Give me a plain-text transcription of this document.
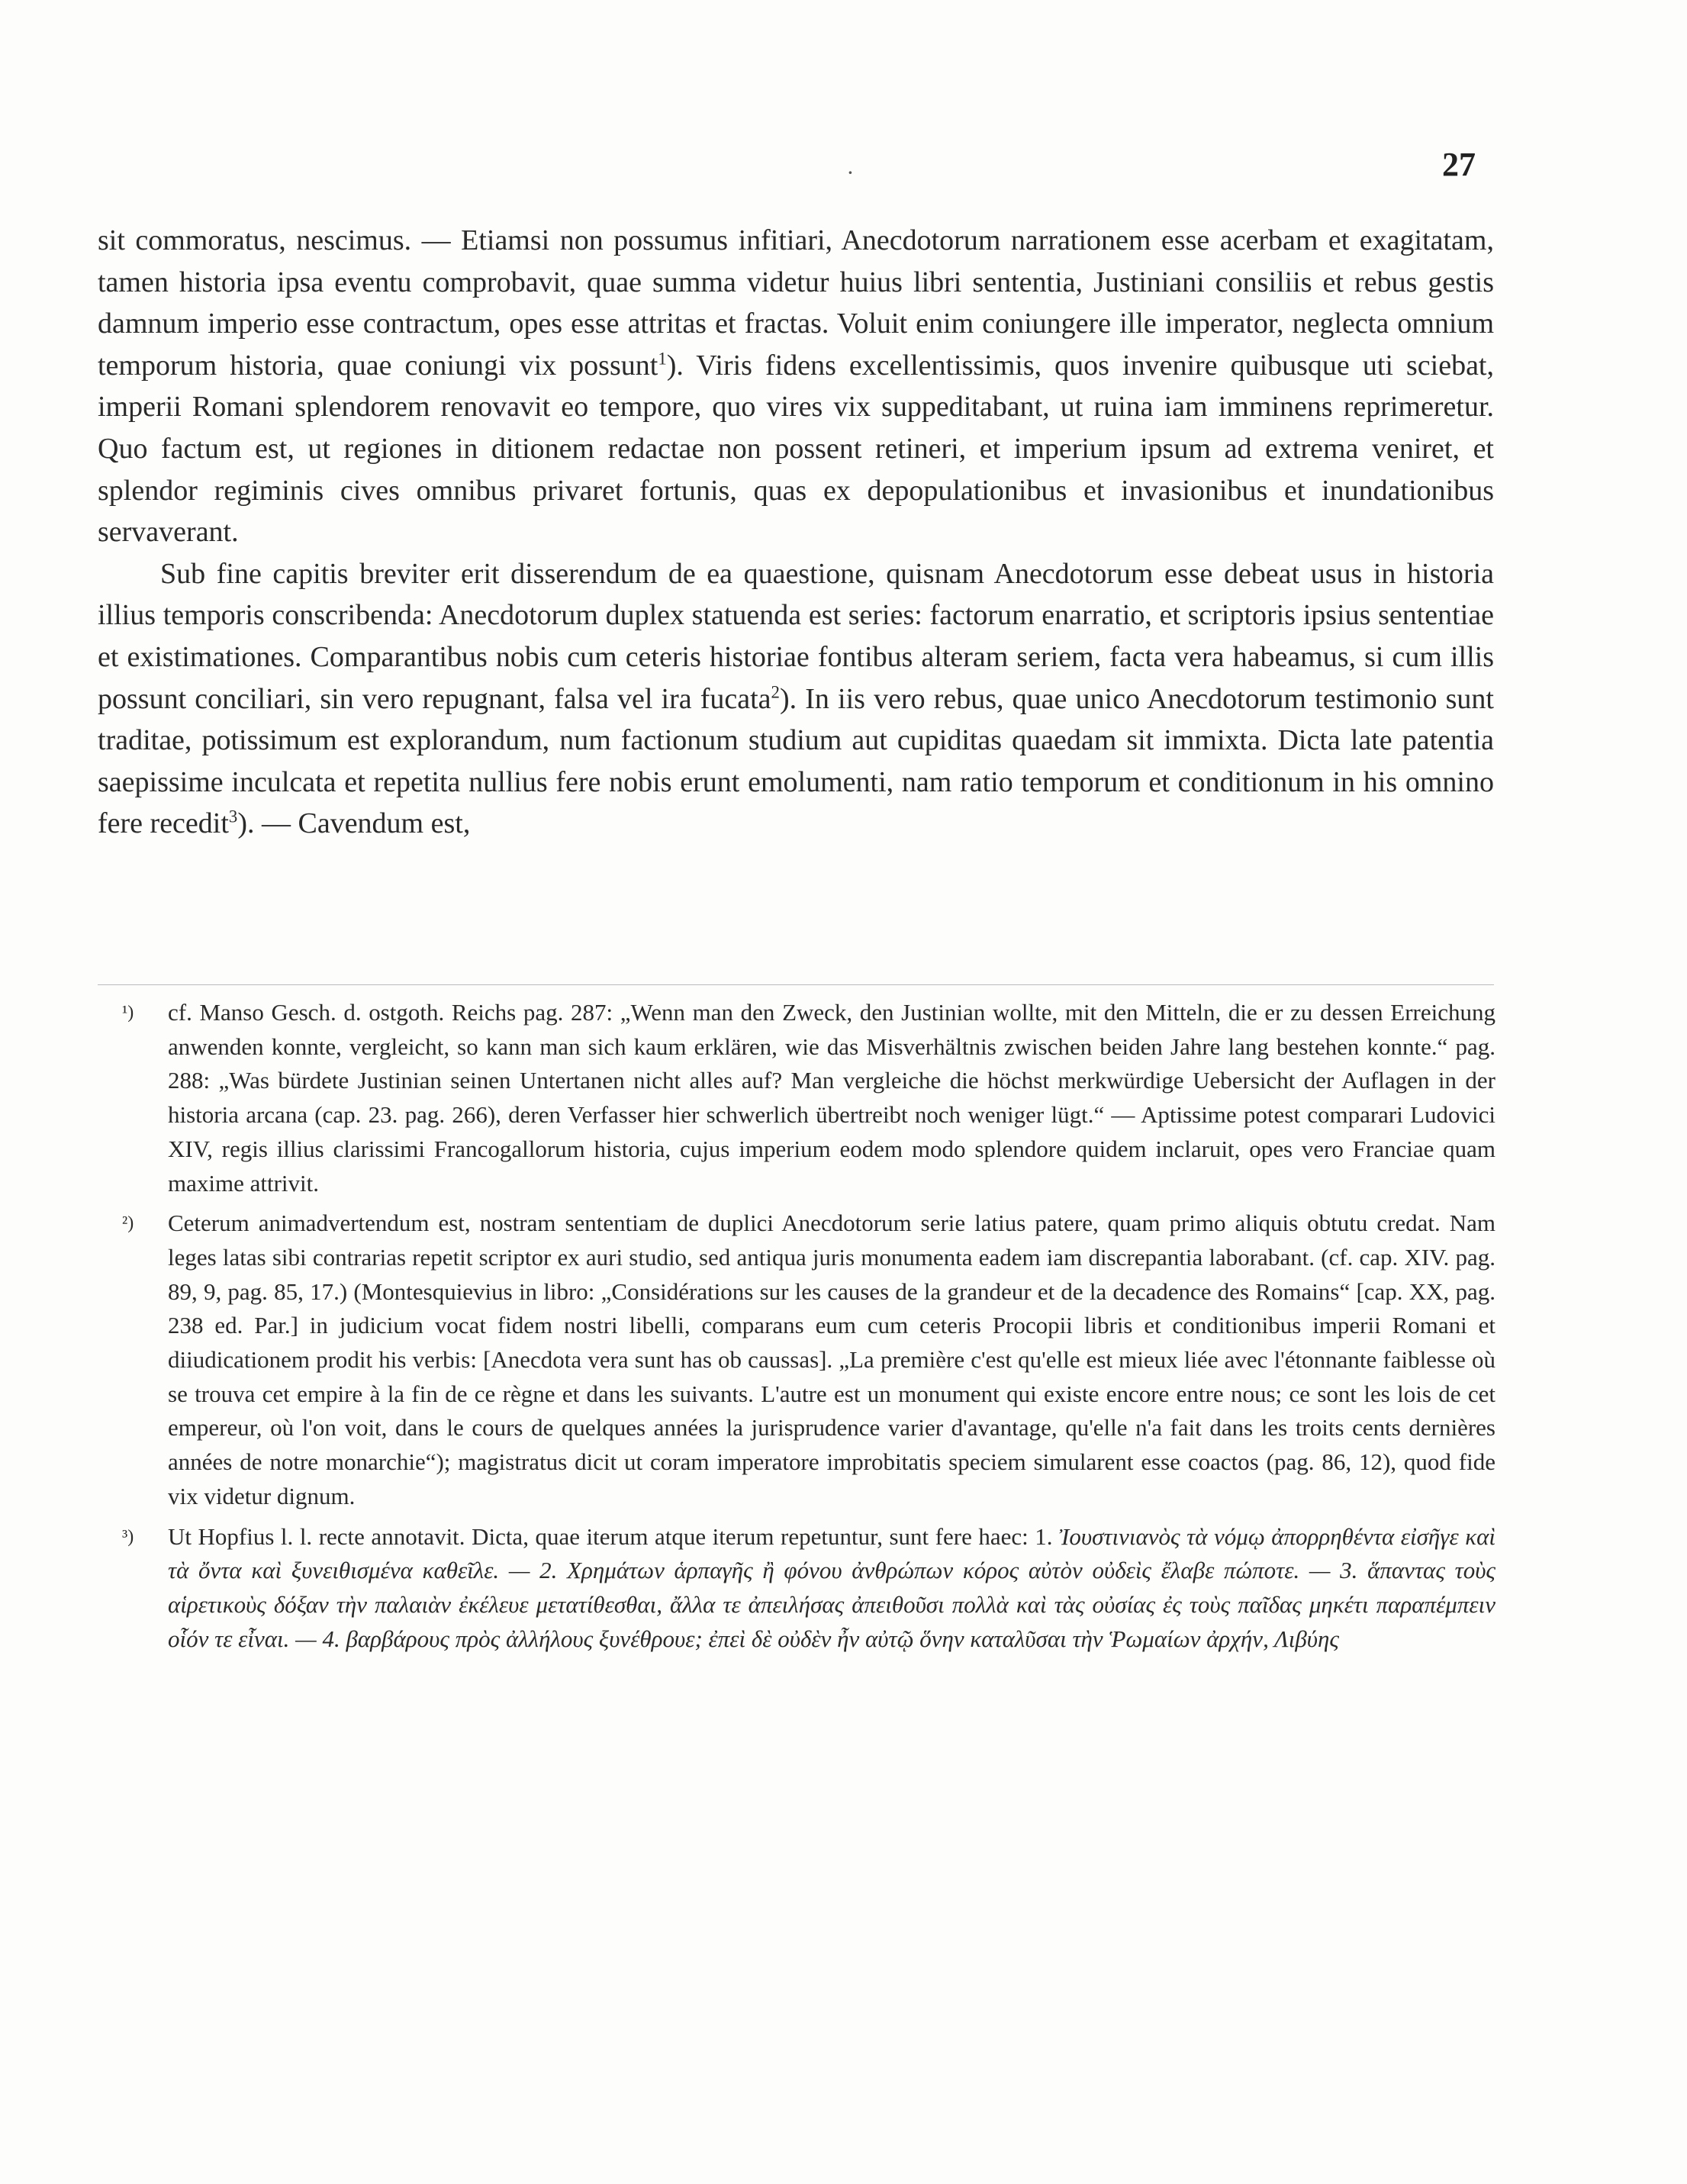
·	27

sit commoratus, nescimus. — Etiamsi non possumus infitiari, Anecdotorum narrationem esse acerbam et exagitatam, tamen historia ipsa eventu comprobavit, quae summa videtur huius libri sententia, Justiniani consiliis et rebus gestis damnum imperio esse contractum, opes esse attritas et fractas. Voluit enim coniungere ille imperator, neglecta omnium temporum historia, quae coniungi vix possunt$^1$). Viris fidens excellentissimis, quos invenire quibusque uti sciebat, imperii Romani splendorem renovavit eo tempore, quo vires vix suppeditabant, ut ruina iam imminens reprimeretur. Quo factum est, ut regiones in ditionem redactae non possent retineri, et imperium ipsum ad extrema veniret, et splendor regiminis cives omnibus privaret fortunis, quas ex depopulationibus et invasionibus et inundationibus servaverant.

Sub fine capitis breviter erit disserendum de ea quaestione, quisnam Anecdotorum esse debeat usus in historia illius temporis conscribenda: Anecdotorum duplex statuenda est series: factorum enarratio, et scriptoris ipsius sententiae et existimationes. Comparantibus nobis cum ceteris historiae fontibus alteram seriem, facta vera habeamus, si cum illis possunt conciliari, sin vero repugnant, falsa vel ira fucata$^2$). In iis vero rebus, quae unico Anecdotorum testimonio sunt traditae, potissimum est explorandum, num factionum studium aut cupiditas quaedam sit immixta. Dicta late patentia saepissime inculcata et repetita nullius fere nobis erunt emolumenti, nam ratio temporum et conditionum in his omnino fere recedit$^3$). — Cavendum est,

¹) cf. Manso Gesch. d. ostgoth. Reichs pag. 287: „Wenn man den Zweck, den Justinian wollte, mit den Mitteln, die er zu dessen Erreichung anwenden konnte, vergleicht, so kann man sich kaum erklären, wie das Misverhältnis zwischen beiden Jahre lang bestehen konnte.“ pag. 288: „Was bürdete Justinian seinen Untertanen nicht alles auf? Man vergleiche die höchst merkwürdige Uebersicht der Auflagen in der historia arcana (cap. 23. pag. 266), deren Verfasser hier schwerlich übertreibt noch weniger lügt.“ — Aptissime potest comparari Ludovici XIV, regis illius clarissimi Francogallorum historia, cujus imperium eodem modo splendore quidem inclaruit, opes vero Franciae quam maxime attrivit.
²) Ceterum animadvertendum est, nostram sententiam de duplici Anecdotorum serie latius patere, quam primo aliquis obtutu credat. Nam leges latas sibi contrarias repetit scriptor ex auri studio, sed antiqua juris monumenta eadem iam discrepantia laborabant. (cf. cap. XIV. pag. 89, 9, pag. 85, 17.) (Montesquievius in libro: „Considérations sur les causes de la grandeur et de la decadence des Romains“ [cap. XX, pag. 238 ed. Par.] in judicium vocat fidem nostri libelli, comparans eum cum ceteris Procopii libris et conditionibus imperii Romani et diiudicationem prodit his verbis: [Anecdota vera sunt has ob caussas]. „La première c'est qu'elle est mieux liée avec l'étonnante faiblesse où se trouva cet empire à la fin de ce règne et dans les suivants. L'autre est un monument qui existe encore entre nous; ce sont les lois de cet empereur, où l'on voit, dans le cours de quelques années la jurisprudence varier d'avantage, qu'elle n'a fait dans les troits cents dernières années de notre monarchie“); magistratus dicit ut coram imperatore improbitatis speciem simularent esse coactos (pag. 86, 12), quod fide vix videtur dignum.
³) Ut Hopfius l. l. recte annotavit. Dicta, quae iterum atque iterum repetuntur, sunt fere haec: 1. Ἰουστινιανὸς τὰ νόμῳ ἀπορρηθέντα εἰσῆγε καὶ τὰ ὄντα καὶ ξυνειθισμένα καθεῖλε. — 2. Χρημάτων ἁρπαγῆς ἢ φόνου ἀνθρώπων κόρος αὐτὸν οὐδεὶς ἔλαβε πώποτε. — 3. ἅπαντας τοὺς αἱρετικοὺς δόξαν τὴν παλαιὰν ἐκέλευε μετατίθεσθαι, ἄλλα τε ἀπειλήσας ἀπειθοῦσι πολλὰ καὶ τὰς οὐσίας ἐς τοὺς παῖδας μηκέτι παραπέμπειν οἷόν τε εἶναι. — 4. βαρβάρους πρὸς ἀλλήλους ξυνέθρουε; ἐπεὶ δὲ οὐδὲν ἦν αὐτῷ ὅνην καταλῦσαι τὴν Ῥωμαίων ἀρχήν, Λιβύης
